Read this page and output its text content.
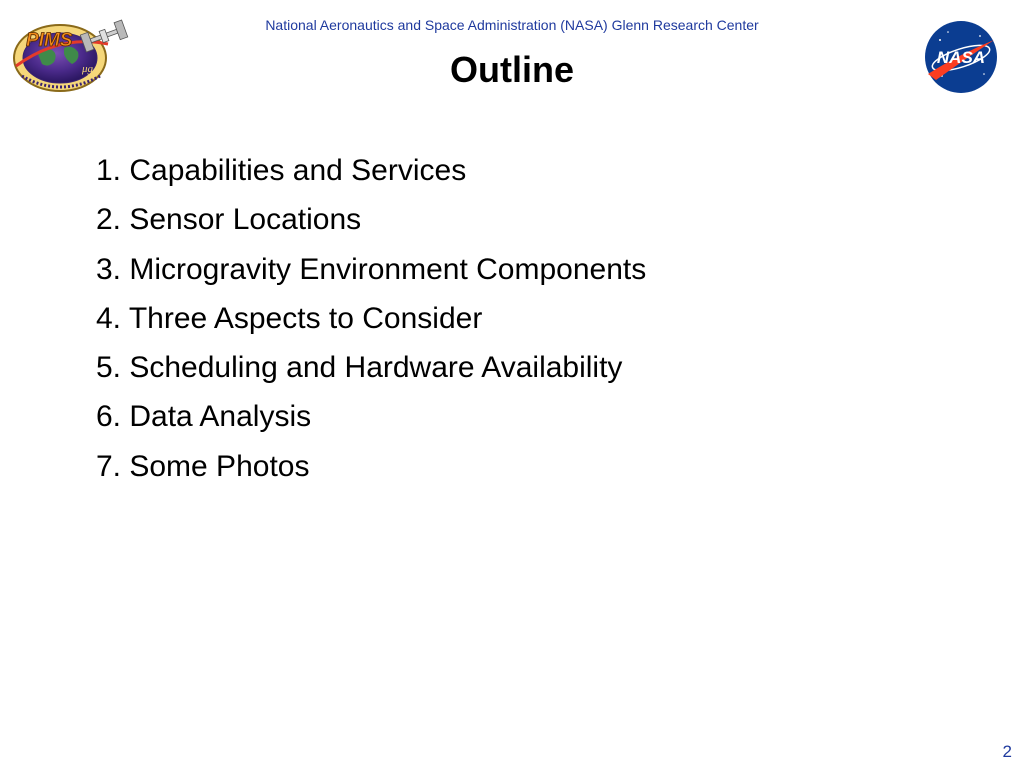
PIMS
μg
National Aeronautics and Space Administration (NASA) Glenn Research Center
Outline	NASA
1. Capabilities and Services
2. Sensor Locations
3. Microgravity Environment Components
4. Three Aspects to Consider
5. Scheduling and Hardware Availability
6. Data Analysis
7. Some Photos
2
